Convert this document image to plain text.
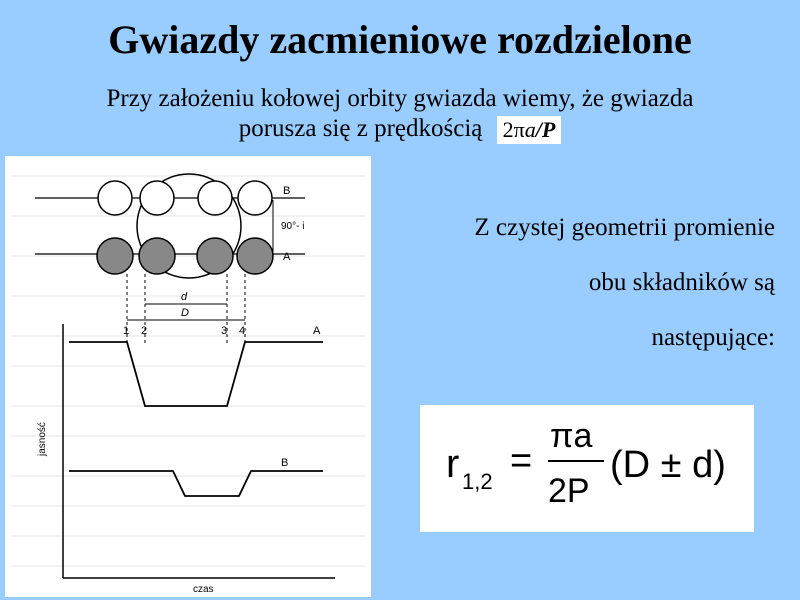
Gwiazdy zacmieniowe rozdzielone
Przy założeniu kołowej orbity gwiazda wiemy, że gwiazda
porusza się z prędkością 2πa/P
B
A
90°- i
d
D
1 2	3 4
jasność
czas
A
B
Z czystej geometrii promienie
obu składników są
następujące:
r 1,2 =
πa
2P
(D ± d)
